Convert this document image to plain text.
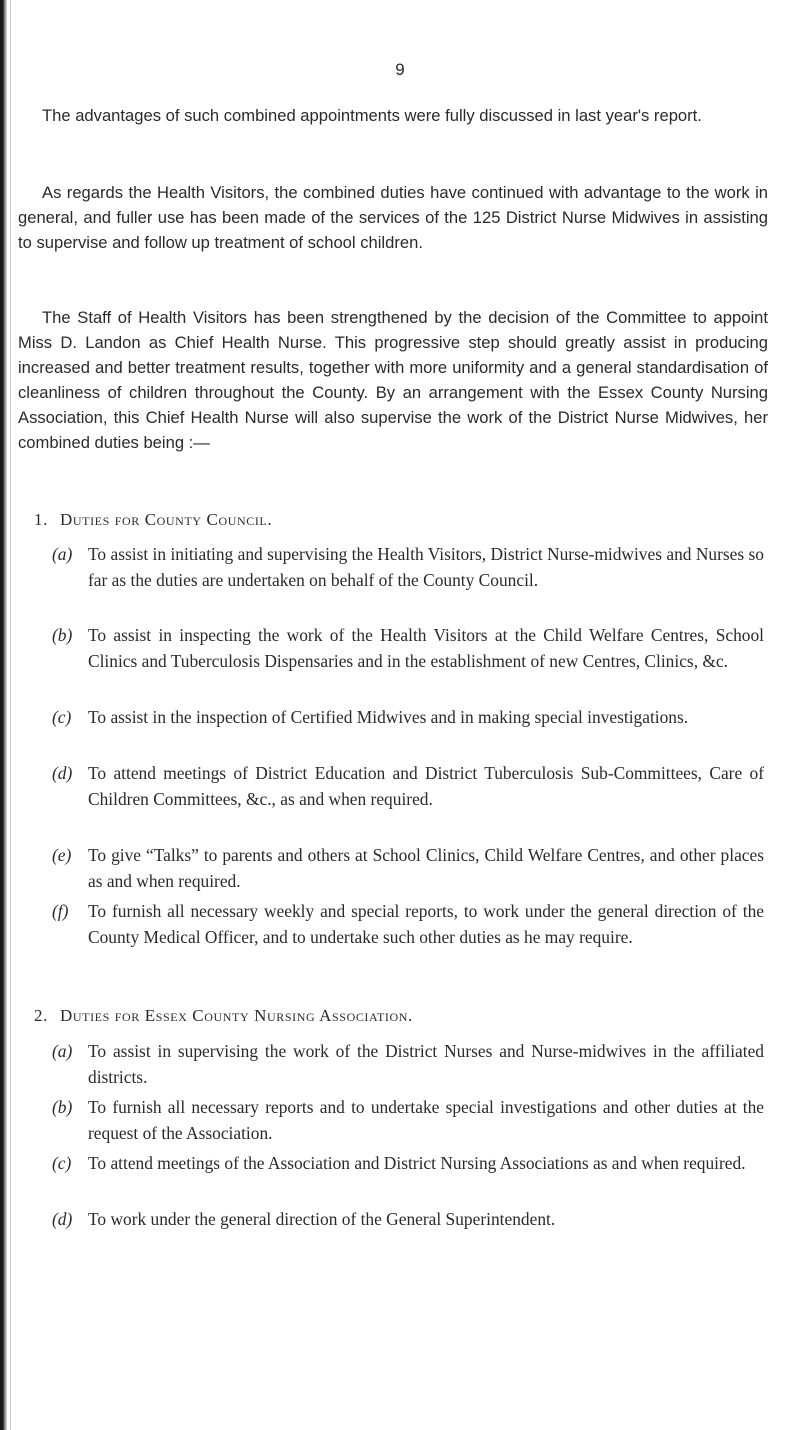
9

The advantages of such combined appointments were fully discussed in last year's report.

As regards the Health Visitors, the combined duties have continued with advantage to the work in general, and fuller use has been made of the services of the 125 District Nurse Midwives in assisting to supervise and follow up treatment of school children.

The Staff of Health Visitors has been strengthened by the decision of the Committee to appoint Miss D. Landon as Chief Health Nurse. This progressive step should greatly assist in producing increased and better treatment results, together with more uniformity and a general standardisation of cleanliness of children throughout the County. By an arrangement with the Essex County Nursing Association, this Chief Health Nurse will also supervise the work of the District Nurse Midwives, her combined duties being :—

1. Duties for County Council.
(a) To assist in initiating and supervising the Health Visitors, District Nurse-midwives and Nurses so far as the duties are undertaken on behalf of the County Council.
(b) To assist in inspecting the work of the Health Visitors at the Child Welfare Centres, School Clinics and Tuberculosis Dispensaries and in the establishment of new Centres, Clinics, &c.
(c) To assist in the inspection of Certified Midwives and in making special investigations.
(d) To attend meetings of District Education and District Tuberculosis Sub-Committees, Care of Children Committees, &c., as and when required.
(e) To give “Talks” to parents and others at School Clinics, Child Welfare Centres, and other places as and when required.
(f)	To furnish all necessary weekly and special reports, to work under the general direction of the County Medical Officer, and to undertake such other duties as he may require.
2. Duties for Essex County Nursing Association.
(a) To assist in supervising the work of the District Nurses and Nurse-midwives in the affiliated districts.
(b) To furnish all necessary reports and to undertake special investigations and other duties at the request of the Association.
(c) To attend meetings of the Association and District Nursing Associations as and when required.
(d) To work under the general direction of the General Superintendent.
